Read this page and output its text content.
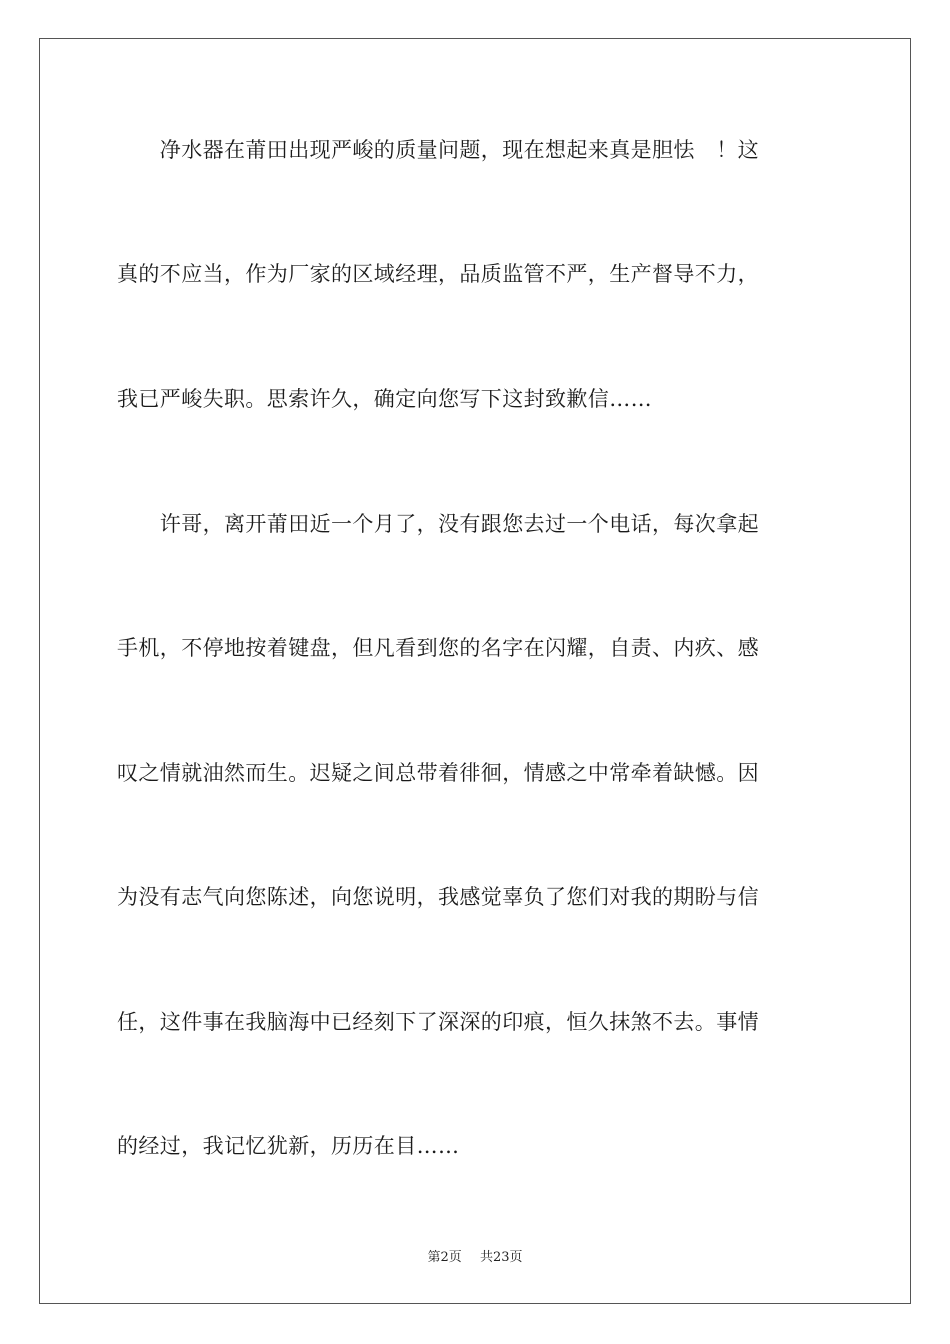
　　净水器在莆田出现严峻的质量问题，现在想起来真是胆怯　！这
真的不应当，作为厂家的区域经理，品质监管不严，生产督导不力，
我已严峻失职。思索许久，确定向您写下这封致歉信……
　　许哥，离开莆田近一个月了，没有跟您去过一个电话，每次拿起
手机，不停地按着键盘，但凡看到您的名字在闪耀，自责、内疚、感
叹之情就油然而生。迟疑之间总带着徘徊，情感之中常牵着缺憾。因
为没有志气向您陈述，向您说明，我感觉辜负了您们对我的期盼与信
任，这件事在我脑海中已经刻下了深深的印痕，恒久抹煞不去。事情
的经过，我记忆犹新，历历在目……
第2页 共23页
